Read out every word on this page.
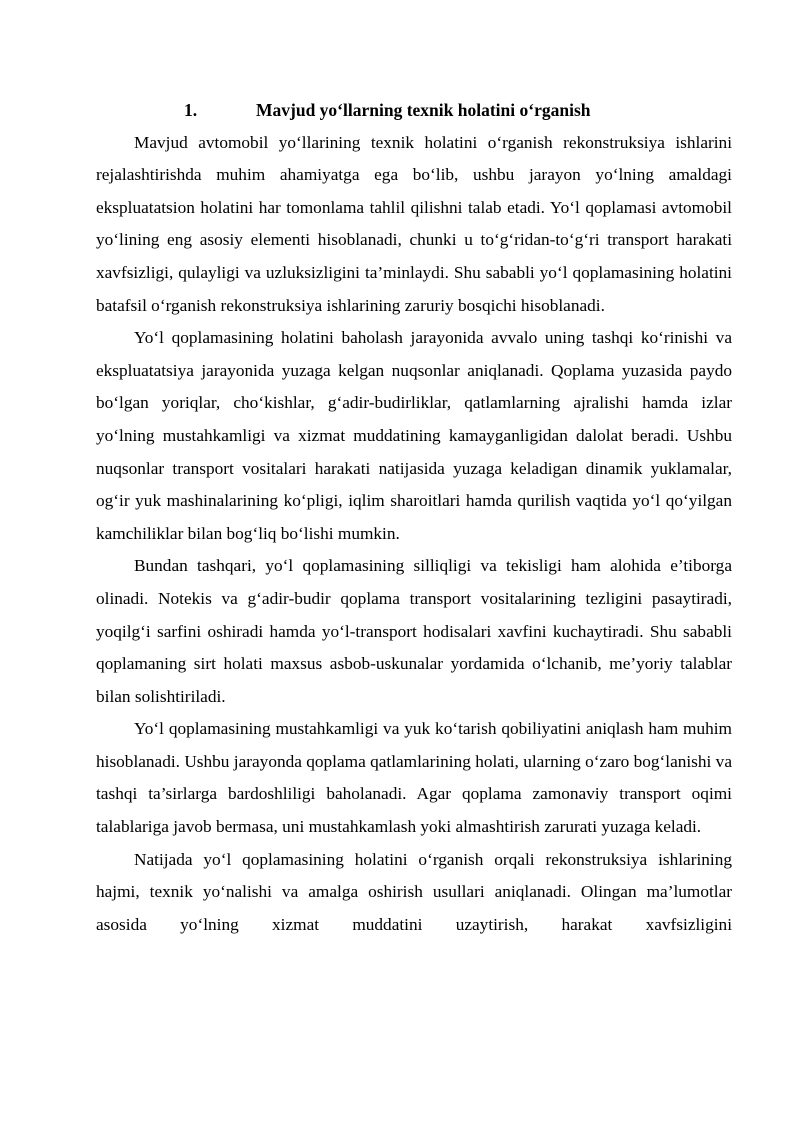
1.	Mavjud yo‘llarning texnik holatini o‘rganish

Mavjud avtomobil yo‘llarining texnik holatini o‘rganish rekonstruksiya ishlarini rejalashtirishda muhim ahamiyatga ega bo‘lib, ushbu jarayon yo‘lning amaldagi ekspluatatsion holatini har tomonlama tahlil qilishni talab etadi. Yo‘l qoplamasi avtomobil yo‘lining eng asosiy elementi hisoblanadi, chunki u to‘g‘ridan-to‘g‘ri transport harakati xavfsizligi, qulayligi va uzluksizligini ta’minlaydi. Shu sababli yo‘l qoplamasining holatini batafsil o‘rganish rekonstruksiya ishlarining zaruriy bosqichi hisoblanadi.

Yo‘l qoplamasining holatini baholash jarayonida avvalo uning tashqi ko‘rinishi va ekspluatatsiya jarayonida yuzaga kelgan nuqsonlar aniqlanadi. Qoplama yuzasida paydo bo‘lgan yoriqlar, cho‘kishlar, g‘adir-budirliklar, qatlamlarning ajralishi hamda izlar yo‘lning mustahkamligi va xizmat muddatining kamayganligidan dalolat beradi. Ushbu nuqsonlar transport vositalari harakati natijasida yuzaga keladigan dinamik yuklamalar, og‘ir yuk mashinalarining ko‘pligi, iqlim sharoitlari hamda qurilish vaqtida yo‘l qo‘yilgan kamchiliklar bilan bog‘liq bo‘lishi mumkin.

Bundan tashqari, yo‘l qoplamasining silliqligi va tekisligi ham alohida e’tiborga olinadi. Notekis va g‘adir-budir qoplama transport vositalarining tezligini pasaytiradi, yoqilg‘i sarfini oshiradi hamda yo‘l-transport hodisalari xavfini kuchaytiradi. Shu sababli qoplamaning sirt holati maxsus asbob-uskunalar yordamida o‘lchanib, me’yoriy talablar bilan solishtiriladi.

Yo‘l qoplamasining mustahkamligi va yuk ko‘tarish qobiliyatini aniqlash ham muhim hisoblanadi. Ushbu jarayonda qoplama qatlamlarining holati, ularning o‘zaro bog‘lanishi va tashqi ta’sirlarga bardoshliligi baholanadi. Agar qoplama zamonaviy transport oqimi talablariga javob bermasa, uni mustahkamlash yoki almashtirish zarurati yuzaga keladi.

Natijada yo‘l qoplamasining holatini o‘rganish orqali rekonstruksiya ishlarining hajmi, texnik yo‘nalishi va amalga oshirish usullari aniqlanadi. Olingan ma’lumotlar asosida yo‘lning xizmat muddatini uzaytirish, harakat xavfsizligini
